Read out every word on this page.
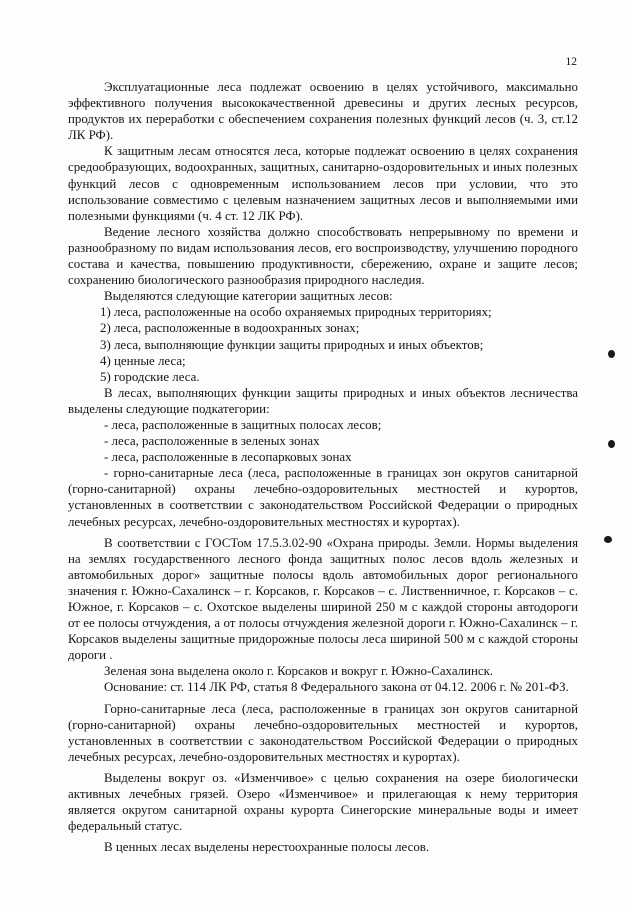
12

Эксплуатационные леса подлежат освоению в целях устойчивого, максимально эффективного получения высококачественной древесины и других лесных ресурсов, продуктов их переработки с обеспечением сохранения полезных функций лесов (ч. 3, ст.12 ЛК РФ).

К защитным лесам относятся леса, которые подлежат освоению в целях сохранения средообразующих, водоохранных, защитных, санитарно-оздоровительных и иных полезных функций лесов с одновременным использованием лесов при условии, что это использование совместимо с целевым назначением защитных лесов и выполняемыми ими полезными функциями (ч. 4 ст. 12 ЛК РФ).

Ведение лесного хозяйства должно способствовать непрерывному по времени и разнообразному по видам использования лесов, его воспроизводству, улучшению породного состава и качества, повышению продуктивности, сбережению, охране и защите лесов; сохранению биологического разнообразия природного наследия.

Выделяются следующие категории защитных лесов:

1) леса, расположенные на особо охраняемых природных территориях;

2) леса, расположенные в водоохранных зонах;

3) леса, выполняющие функции защиты природных и иных объектов;

4) ценные леса;

5) городские леса.

В лесах, выполняющих функции защиты природных и иных объектов лесничества выделены следующие подкатегории:

- леса, расположенные в защитных полосах лесов;

- леса, расположенные в зеленых зонах

- леса, расположенные в лесопарковых зонах

- горно-санитарные леса (леса, расположенные в границах зон округов санитарной (горно-санитарной) охраны лечебно-оздоровительных местностей и курортов, установленных в соответствии с законодательством Российской Федерации о природных лечебных ресурсах, лечебно-оздоровительных местностях и курортах).

В соответствии с ГОСТом 17.5.3.02-90 «Охрана природы. Земли. Нормы выделения на землях государственного лесного фонда защитных полос лесов вдоль железных и автомобильных дорог» защитные полосы вдоль автомобильных дорог регионального значения г. Южно-Сахалинск – г. Корсаков, г. Корсаков – с. Лиственничное, г. Корсаков – с. Южное, г. Корсаков – с. Охотское выделены шириной 250 м с каждой стороны автодороги от ее полосы отчуждения, а от полосы отчуждения железной дороги г. Южно-Сахалинск – г. Корсаков выделены защитные придорожные полосы леса шириной 500 м с каждой стороны дороги .

Зеленая зона выделена около г. Корсаков и вокруг г. Южно-Сахалинск.

Основание: ст. 114 ЛК РФ, статья 8 Федерального закона от 04.12. 2006 г. № 201-ФЗ.

Горно-санитарные леса (леса, расположенные в границах зон округов санитарной (горно-санитарной) охраны лечебно-оздоровительных местностей и курортов, установленных в соответствии с законодательством Российской Федерации о природных лечебных ресурсах, лечебно-оздоровительных местностях и курортах).

Выделены вокруг оз. «Изменчивое» с целью сохранения на озере биологически активных лечебных грязей. Озеро «Изменчивое» и прилегающая к нему территория является округом санитарной охраны курорта Синегорские минеральные воды и имеет федеральный статус.

В ценных лесах выделены нерестоохранные полосы лесов.
